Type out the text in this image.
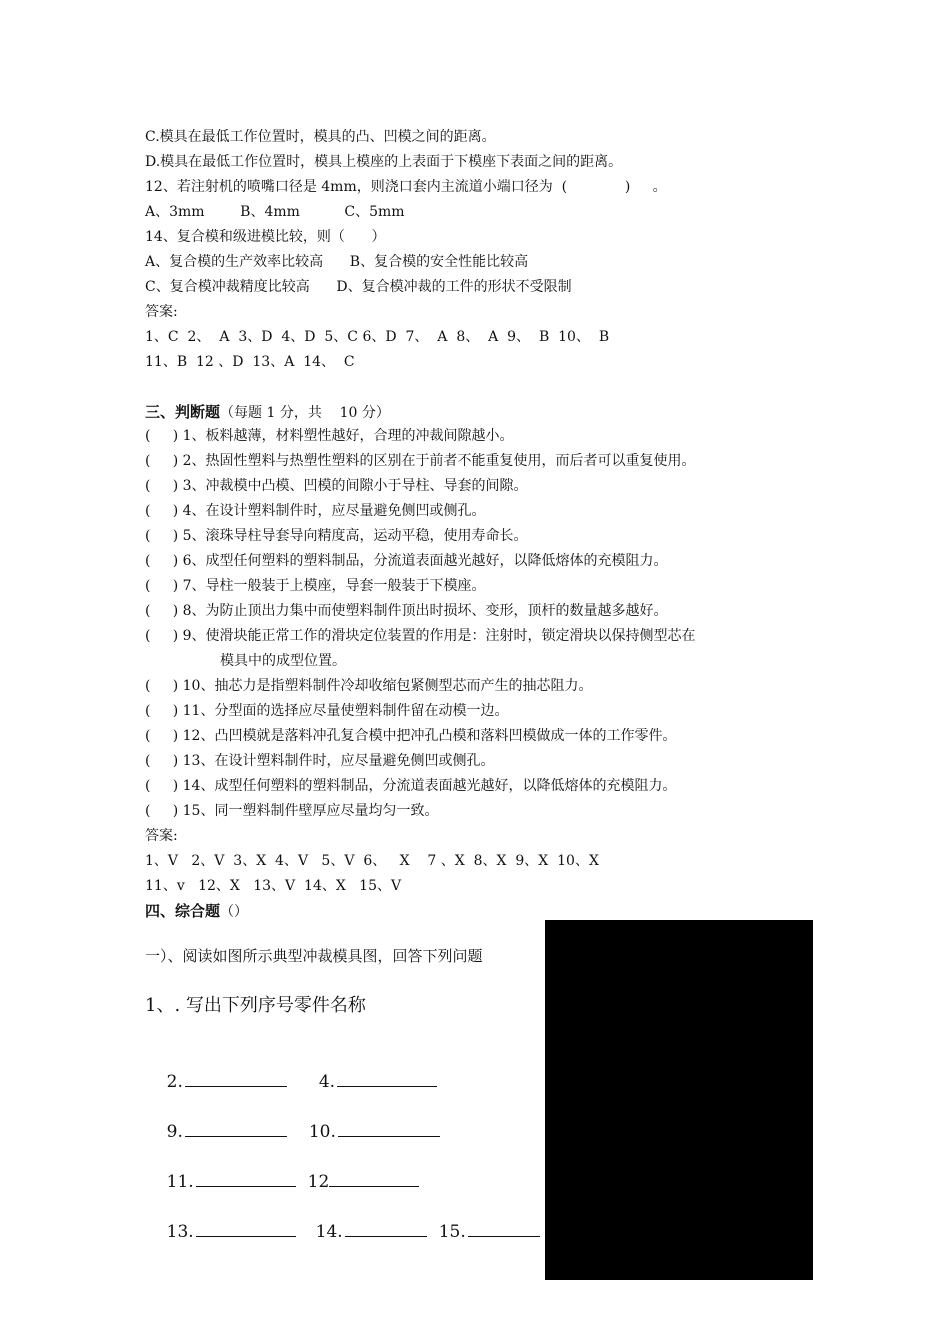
C.模具在最低工作位置时，模具的凸、凹模之间的距离。
D.模具在最低工作位置时，模具上模座的上表面于下模座下表面之间的距离。
12、若注射机的喷嘴口径是 4mm，则浇口套内主流道小端口径为  (             )     。
A、3mm        B、4mm          C、5mm
14、复合模和级进模比较，则（      ）
A、复合模的生产效率比较高      B、复合模的安全性能比较高
C、复合模冲裁精度比较高      D、复合模冲裁的工件的形状不受限制
答案:
1、C  2、  A  3、D  4、D  5、C 6、D  7、  A  8、  A  9、  B  10、  B
11、B  12 、D  13、A  14、  C
三、判断题（每题 1 分，共    10 分）
(     ) 1、板料越薄，材料塑性越好，合理的冲裁间隙越小。
(     ) 2、热固性塑料与热塑性塑料的区别在于前者不能重复使用，而后者可以重复使用。
(     ) 3、冲裁模中凸模、凹模的间隙小于导柱、导套的间隙。
(     ) 4、在设计塑料制件时，应尽量避免侧凹或侧孔。
(     ) 5、滚珠导柱导套导向精度高，运动平稳，使用寿命长。
(     ) 6、成型任何塑料的塑料制品，分流道表面越光越好，以降低熔体的充模阻力。
(     ) 7、导柱一般装于上模座，导套一般装于下模座。
(     ) 8、为防止顶出力集中而使塑料制件顶出时损坏、变形，顶杆的数量越多越好。
(     ) 9、使滑块能正常工作的滑块定位装置的作用是：注射时，锁定滑块以保持侧型芯在
模具中的成型位置。
(     ) 10、抽芯力是指塑料制件冷却收缩包紧侧型芯而产生的抽芯阻力。
(     ) 11、分型面的选择应尽量使塑料制件留在动模一边。
(     ) 12、凸凹模就是落料冲孔复合模中把冲孔凸模和落料凹模做成一体的工作零件。
(     ) 13、在设计塑料制件时，应尽量避免侧凹或侧孔。
(     ) 14、成型任何塑料的塑料制品，分流道表面越光越好，以降低熔体的充模阻力。
(     ) 15、同一塑料制件壁厚应尽量均匀一致。
答案:
1、V   2、V  3、X  4、V   5、V  6、   X    7 、X  8、X  9、X  10、X
11、v   12、X   13、V  14、X   15、V
四、综合题（）
一）、阅读如图所示典型冲裁模具图，回答下列问题
1、. 写出下列序号零件名称

2.	4.

9.	10.

11.	12

13.	14.	15.
